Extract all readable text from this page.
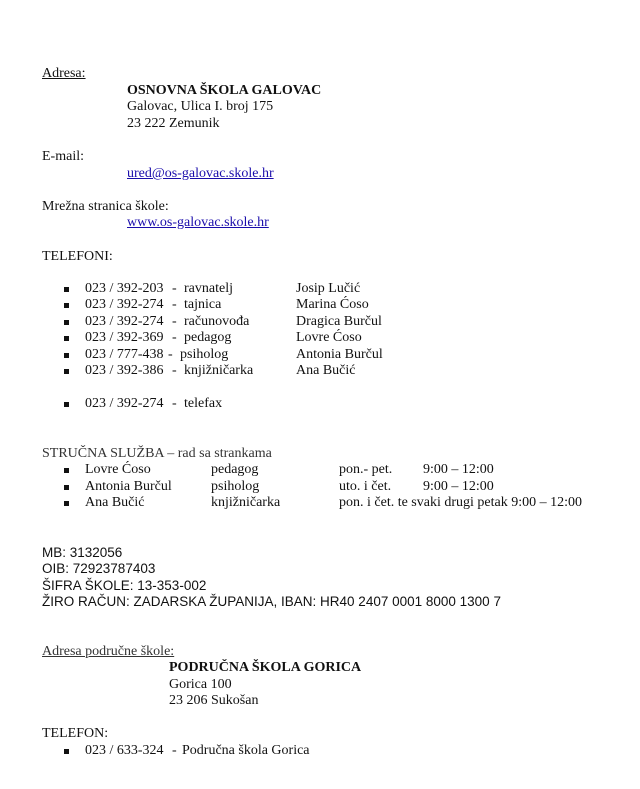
Adresa:
OSNOVNA ŠKOLA GALOVAC
Galovac, Ulica I. broj 175
23 222 Zemunik
E-mail:
ured@os-galovac.skole.hr
Mrežna stranica škole:
www.os-galovac.skole.hr
TELEFONI:
023 / 392-203 - ravnatelj	Josip Lučić
023 / 392-274 - tajnica	Marina Ćoso
023 / 392-274 - računovođa	Dragica Burčul
023 / 392-369 - pedagog	Lovre Ćoso
023 / 777-438 - psiholog	Antonia Burčul
023 / 392-386 - knjižničarka	Ana Bučić
023 / 392-274 - telefax
STRUČNA SLUŽBA – rad sa strankama
Lovre Ćoso	pedagog	pon.- pet. 9:00 – 12:00
Antonia Burčul	psiholog	uto. i čet. 9:00 – 12:00
Ana Bučić	knjižničarka	pon. i čet. te svaki drugi petak 9:00 – 12:00
MB: 3132056
OIB: 72923787403
ŠIFRA ŠKOLE: 13-353-002
ŽIRO RAČUN: ZADARSKA ŽUPANIJA, IBAN: HR40 2407 0001 8000 1300 7
Adresa područne škole:
PODRUČNA ŠKOLA GORICA
Gorica 100
23 206 Sukošan
TELEFON:
023 / 633-324 - Područna škola Gorica
